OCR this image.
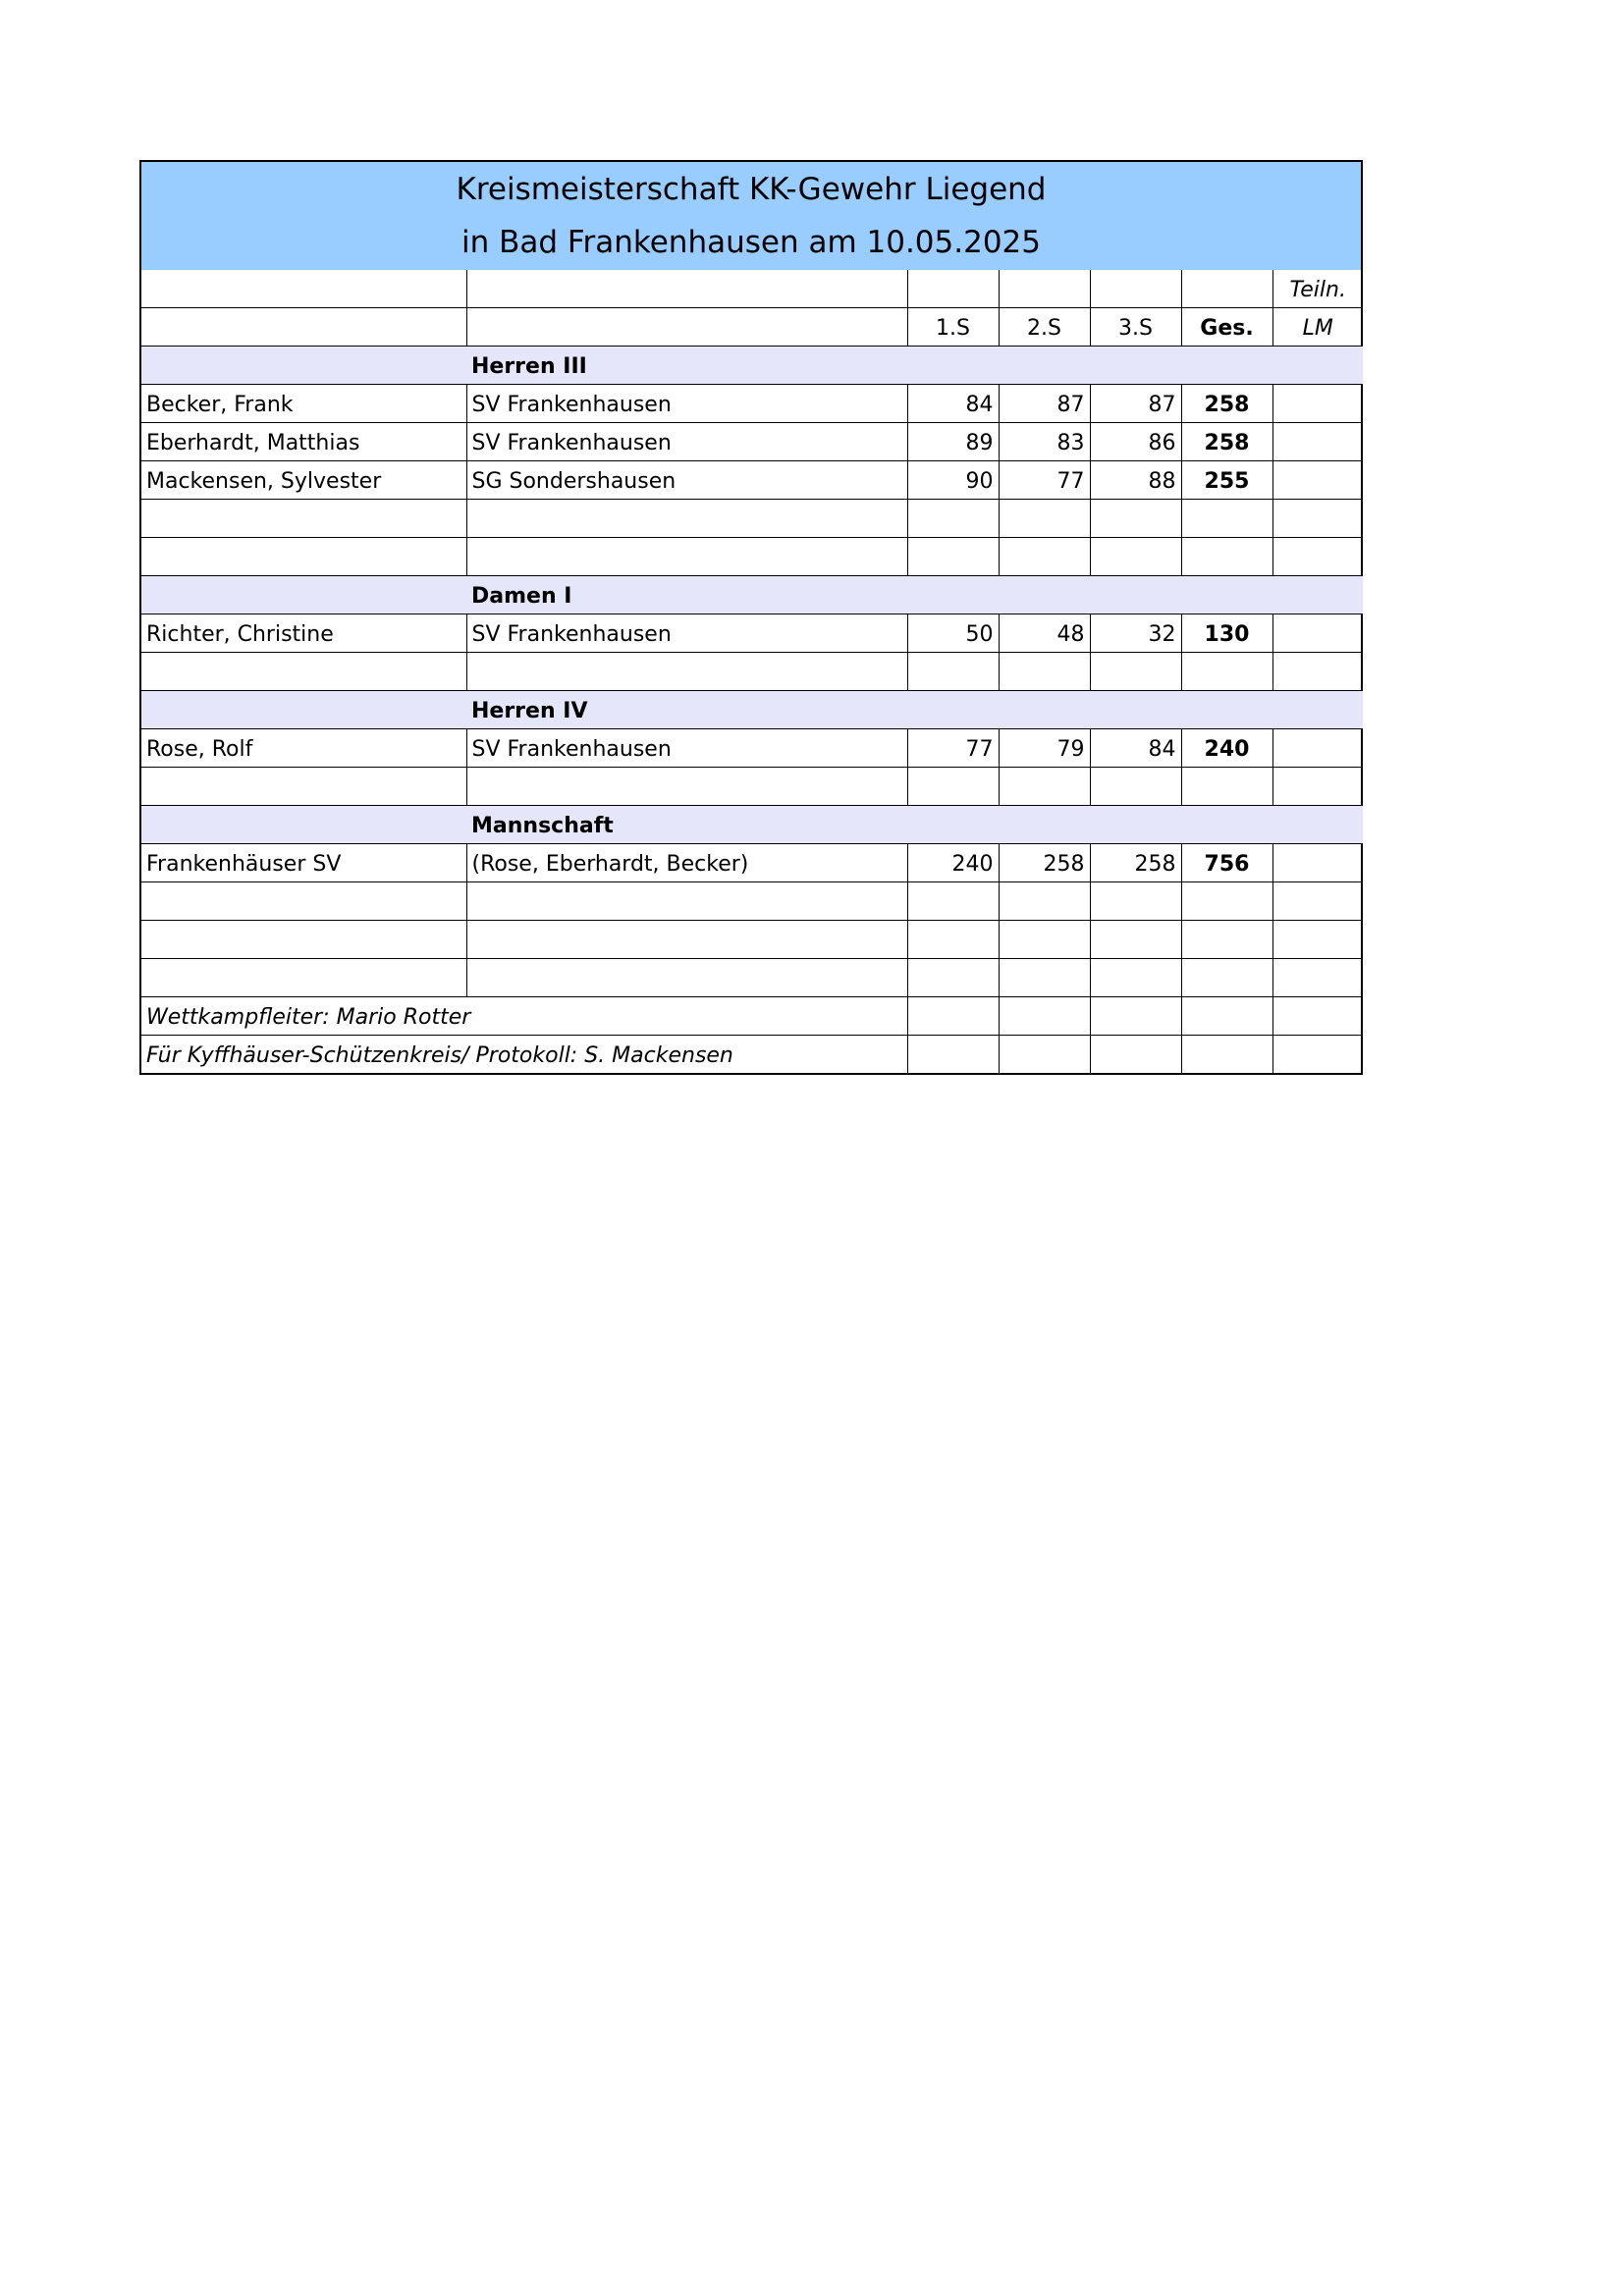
Kreismeisterschaft KK-Gewehr Liegend
in Bad Frankenhausen am 10.05.2025
						Teiln.
		1.S	2.S	3.S	Ges.	LM
	Herren III					
Becker, Frank	SV Frankenhausen	84	87	87	258	
Eberhardt, Matthias	SV Frankenhausen	89	83	86	258	
Mackensen, Sylvester	SG Sondershausen	90	77	88	255	

	Damen I					
Richter, Christine	SV Frankenhausen	50	48	32	130	

	Herren IV					
Rose, Rolf	SV Frankenhausen	77	79	84	240	

	Mannschaft					
Frankenhäuser SV	(Rose, Eberhardt, Becker)	240	258	258	756	

Wettkampfleiter: Mario Rotter						
Für Kyffhäuser-Schützenkreis/ Protokoll: S. Mackensen						
